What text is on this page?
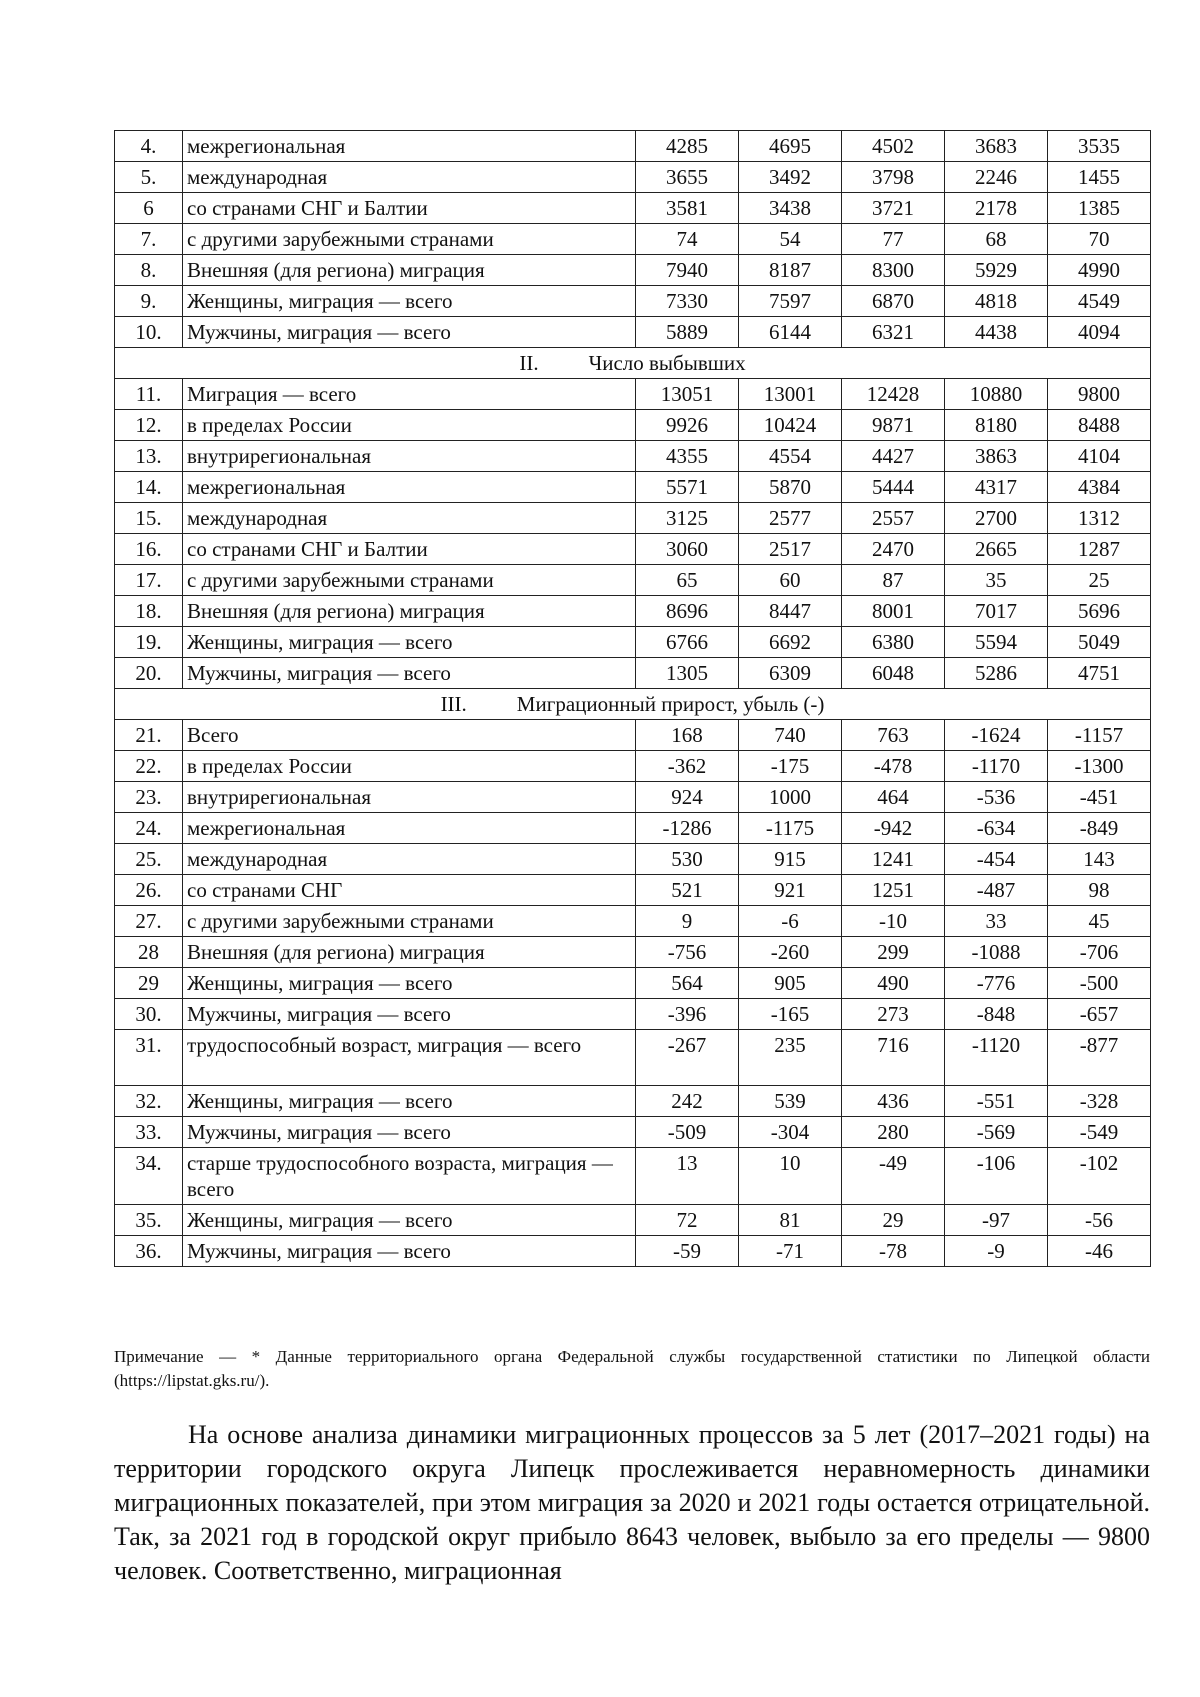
4.	межрегиональная	4285	4695	4502	3683	3535
5.	международная	3655	3492	3798	2246	1455
6	со странами СНГ и Балтии	3581	3438	3721	2178	1385
7.	с другими зарубежными странами	74	54	77	68	70
8.	Внешняя (для региона) миграция	7940	8187	8300	5929	4990
9.	Женщины, миграция — всего	7330	7597	6870	4818	4549
10.	Мужчины, миграция — всего	5889	6144	6321	4438	4094
II. Число выбывших						
11.	Миграция — всего	13051	13001	12428	10880	9800
12.	в пределах России	9926	10424	9871	8180	8488
13.	внутрирегиональная	4355	4554	4427	3863	4104
14.	межрегиональная	5571	5870	5444	4317	4384
15.	международная	3125	2577	2557	2700	1312
16.	со странами СНГ и Балтии	3060	2517	2470	2665	1287
17.	с другими зарубежными странами	65	60	87	35	25
18.	Внешняя (для региона) миграция	8696	8447	8001	7017	5696
19.	Женщины, миграция — всего	6766	6692	6380	5594	5049
20.	Мужчины, миграция — всего	1305	6309	6048	5286	4751
III. Миграционный прирост, убыль (-)						
21.	Всего	168	740	763	-1624	-1157
22.	в пределах России	-362	-175	-478	-1170	-1300
23.	внутрирегиональная	924	1000	464	-536	-451
24.	межрегиональная	-1286	-1175	-942	-634	-849
25.	международная	530	915	1241	-454	143
26.	со странами СНГ	521	921	1251	-487	98
27.	с другими зарубежными странами	9	-6	-10	33	45
28	Внешняя (для региона) миграция	-756	-260	299	-1088	-706
29	Женщины, миграция — всего	564	905	490	-776	-500
30.	Мужчины, миграция — всего	-396	-165	273	-848	-657
31.	трудоспособный возраст, миграция — всего	-267	235	716	-1120	-877
32.	Женщины, миграция — всего	242	539	436	-551	-328
33.	Мужчины, миграция — всего	-509	-304	280	-569	-549
34.	старше трудоспособного возраста, миграция — всего	13	10	-49	-106	-102
35.	Женщины, миграция — всего	72	81	29	-97	-56
36.	Мужчины, миграция — всего	-59	-71	-78	-9	-46

Примечание — * Данные территориального органа Федеральной службы государственной статистики по Липецкой области (https://lipstat.gks.ru/).

На основе анализа динамики миграционных процессов за 5 лет (2017–2021 годы) на территории городского округа Липецк прослеживается неравномерность динамики миграционных показателей, при этом миграция за 2020 и 2021 годы остается отрицательной. Так, за 2021 год в городской округ прибыло 8643 человек, выбыло за его пределы — 9800 человек. Соответственно, миграционная
